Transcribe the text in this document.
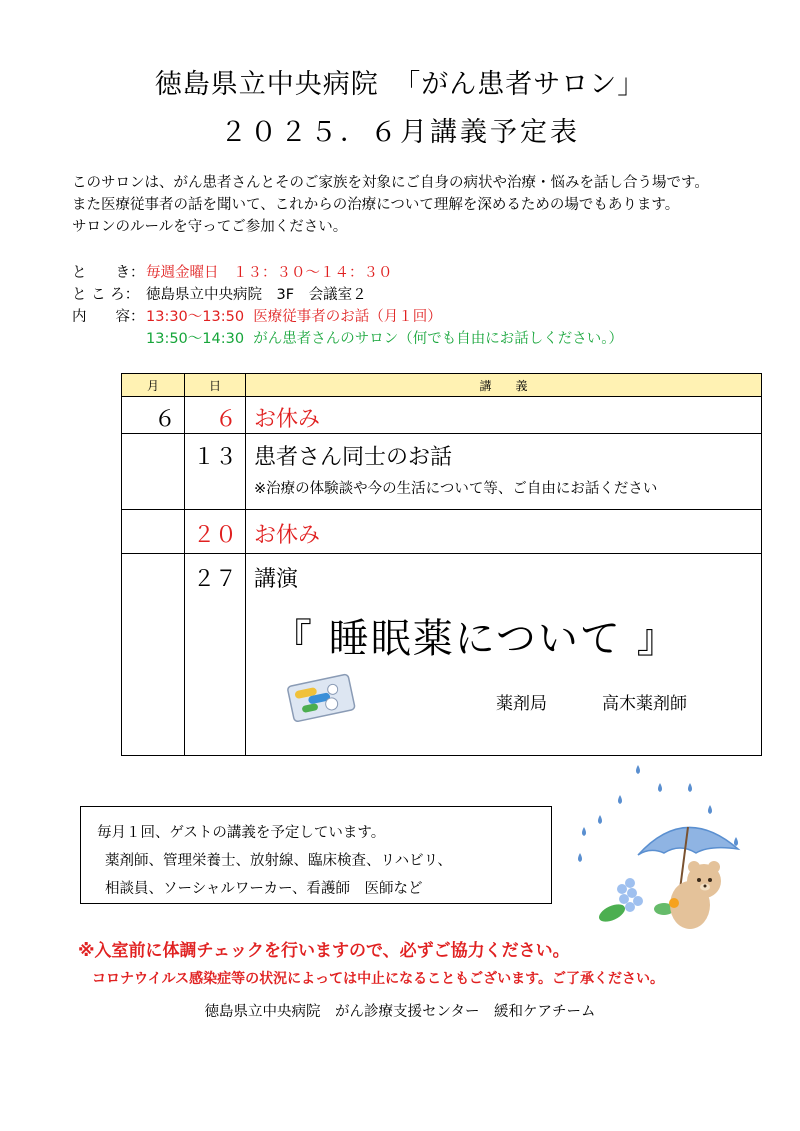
徳島県立中央病院　「がん患者サロン」
２０２５．６月講義予定表
このサロンは、がん患者さんとそのご家族を対象にご自身の病状や治療・悩みを話し合う場です。
また医療従事者の話を聞いて、これからの治療について理解を深めるための場でもあります。
サロンのルールを守ってご参加ください。
と　　き： 毎週金曜日　１３：３０～１４：３０
と こ ろ： 徳島県立中央病院　3F　会議室２
内　　容： 13:30～13:50 医療従事者のお話（月１回）
13:50～14:30 がん患者さんのサロン（何でも自由にお話しください。）
月	日	講　　義
６	６	お休み
	１３	患者さん同士のお話
※治療の体験談や今の生活について等、ご自由にお話ください

	２０	お休み
	２７	講演
『 睡眠薬について 』
薬剤局 高木薬剤師
毎月１回、ゲストの講義を予定しています。
薬剤師、管理栄養士、放射線、臨床検査、リハビリ、
相談員、ソーシャルワーカー、看護師　医師など
※入室前に体調チェックを行いますので、必ずご協力ください。
コロナウイルス感染症等の状況によっては中止になることもございます。ご了承ください。
徳島県立中央病院　がん診療支援センター　緩和ケアチーム
